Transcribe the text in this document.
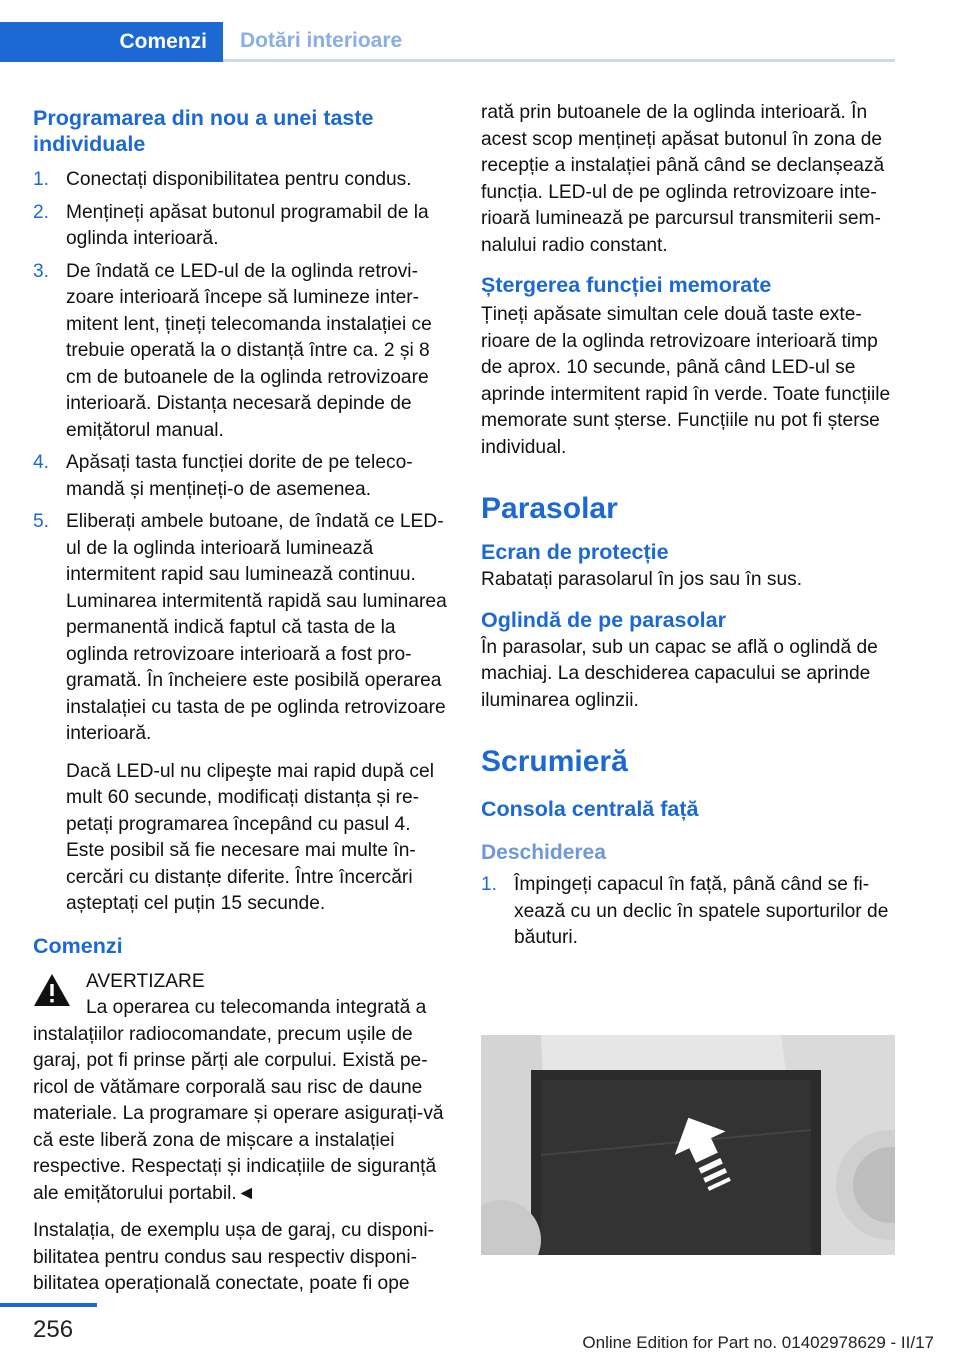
Comenzi	Dotări interioare
Programarea din nou a unei taste individuale
1. Conectați disponibilitatea pentru condus.
2. Mențineți apăsat butonul programabil de la oglinda interioară.
3. De îndată ce LED-ul de la oglinda retrovizoare interioară începe să lumineze intermitent lent, țineți telecomanda instalației ce trebuie operată la o distanță între ca. 2 și 8 cm de butoanele de la oglinda retrovizoare interioară. Distanța necesară depinde de emițătorul manual.
4. Apăsați tasta funcției dorite de pe telecomandă și mențineți-o de asemenea.
5. Eliberați ambele butoane, de îndată ce LED-ul de la oglinda interioară luminează intermitent rapid sau luminează continuu. Luminarea intermitentă rapidă sau luminarea permanentă indică faptul că tasta de la oglinda retrovizoare interioară a fost programată. În încheiere este posibilă operarea instalației cu tasta de pe oglinda retrovizoare interioară.

Dacă LED-ul nu clipeşte mai rapid după cel mult 60 secunde, modificați distanța și repetați programarea începând cu pasul 4. Este posibil să fie necesare mai multe încercări cu distanțe diferite. Între încercări așteptați cel puțin 15 secunde.

Comenzi
AVERTIZARE
La operarea cu telecomanda integrată a instalațiilor radiocomandate, precum ușile de garaj, pot fi prinse părți ale corpului. Există pericol de vătămare corporală sau risc de daune materiale. La programare și operare asigurați-vă că este liberă zona de mișcare a instalației respective. Respectați și indicațiile de siguranță ale emițătorului portabil.◄

Instalația, de exemplu ușa de garaj, cu disponibilitatea pentru condus sau respectiv disponibilitatea operațională conectate, poate fi ope

rată prin butoanele de la oglinda interioară. În acest scop mențineți apăsat butonul în zona de recepție a instalației până când se declanșează funcția. LED-ul de pe oglinda retrovizoare interioară luminează pe parcursul transmiterii semnalului radio constant.

Ștergerea funcției memorate

Țineți apăsate simultan cele două taste exterioare de la oglinda retrovizoare interioară timp de aprox. 10 secunde, până când LED-ul se aprinde intermitent rapid în verde. Toate funcțiile memorate sunt șterse. Funcțiile nu pot fi șterse individual.

Parasolar
Ecran de protecție

Rabatați parasolarul în jos sau în sus.

Oglindă de pe parasolar

În parasolar, sub un capac se află o oglindă de machiaj. La deschiderea capacului se aprinde iluminarea oglinzii.

Scrumieră
Consola centrală față
Deschiderea
1. Împingeți capacul în față, până când se fixează cu un declic în spatele suporturilor de băuturi.
256	Online Edition for Part no. 01402978629 - II/17
